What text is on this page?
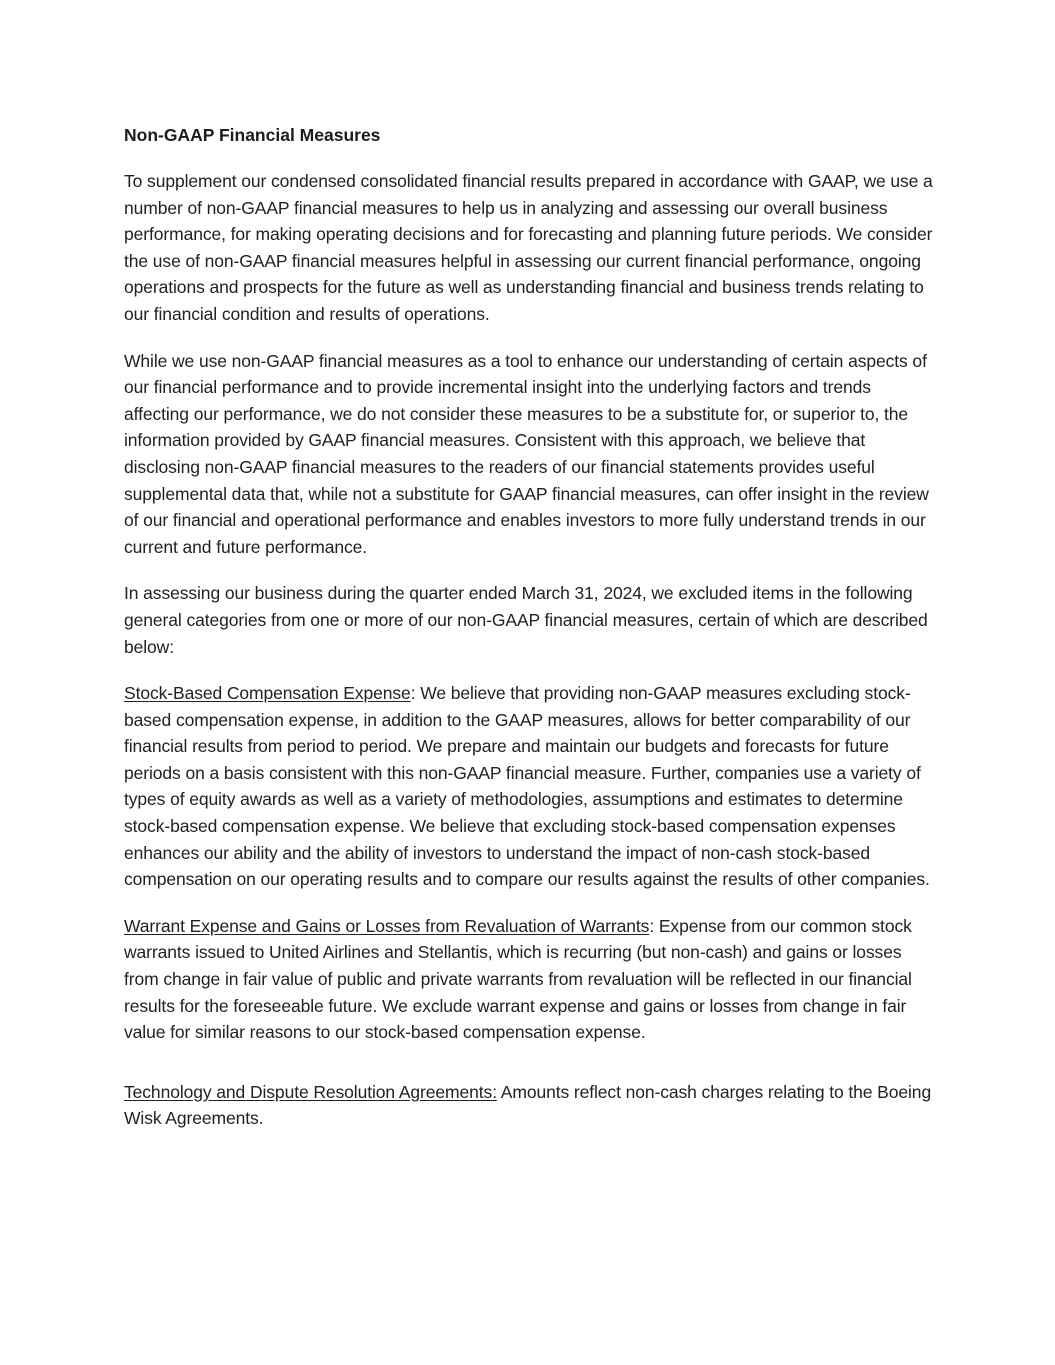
Non-GAAP Financial Measures

To supplement our condensed consolidated financial results prepared in accordance with GAAP, we use a number of non-GAAP financial measures to help us in analyzing and assessing our overall business performance, for making operating decisions and for forecasting and planning future periods. We consider the use of non-GAAP financial measures helpful in assessing our current financial performance, ongoing operations and prospects for the future as well as understanding financial and business trends relating to our financial condition and results of operations.

While we use non-GAAP financial measures as a tool to enhance our understanding of certain aspects of our financial performance and to provide incremental insight into the underlying factors and trends affecting our performance, we do not consider these measures to be a substitute for, or superior to, the information provided by GAAP financial measures. Consistent with this approach, we believe that disclosing non-GAAP financial measures to the readers of our financial statements provides useful supplemental data that, while not a substitute for GAAP financial measures, can offer insight in the review of our financial and operational performance and enables investors to more fully understand trends in our current and future performance.

In assessing our business during the quarter ended March 31, 2024, we excluded items in the following general categories from one or more of our non-GAAP financial measures, certain of which are described below:

Stock-Based Compensation Expense: We believe that providing non-GAAP measures excluding stock-based compensation expense, in addition to the GAAP measures, allows for better comparability of our financial results from period to period. We prepare and maintain our budgets and forecasts for future periods on a basis consistent with this non-GAAP financial measure. Further, companies use a variety of types of equity awards as well as a variety of methodologies, assumptions and estimates to determine stock-based compensation expense. We believe that excluding stock-based compensation expenses enhances our ability and the ability of investors to understand the impact of non-cash stock-based compensation on our operating results and to compare our results against the results of other companies.

Warrant Expense and Gains or Losses from Revaluation of Warrants: Expense from our common stock warrants issued to United Airlines and Stellantis, which is recurring (but non-cash) and gains or losses from change in fair value of public and private warrants from revaluation will be reflected in our financial results for the foreseeable future. We exclude warrant expense and gains or losses from change in fair value for similar reasons to our stock-based compensation expense.

Technology and Dispute Resolution Agreements: Amounts reflect non-cash charges relating to the Boeing Wisk Agreements.
